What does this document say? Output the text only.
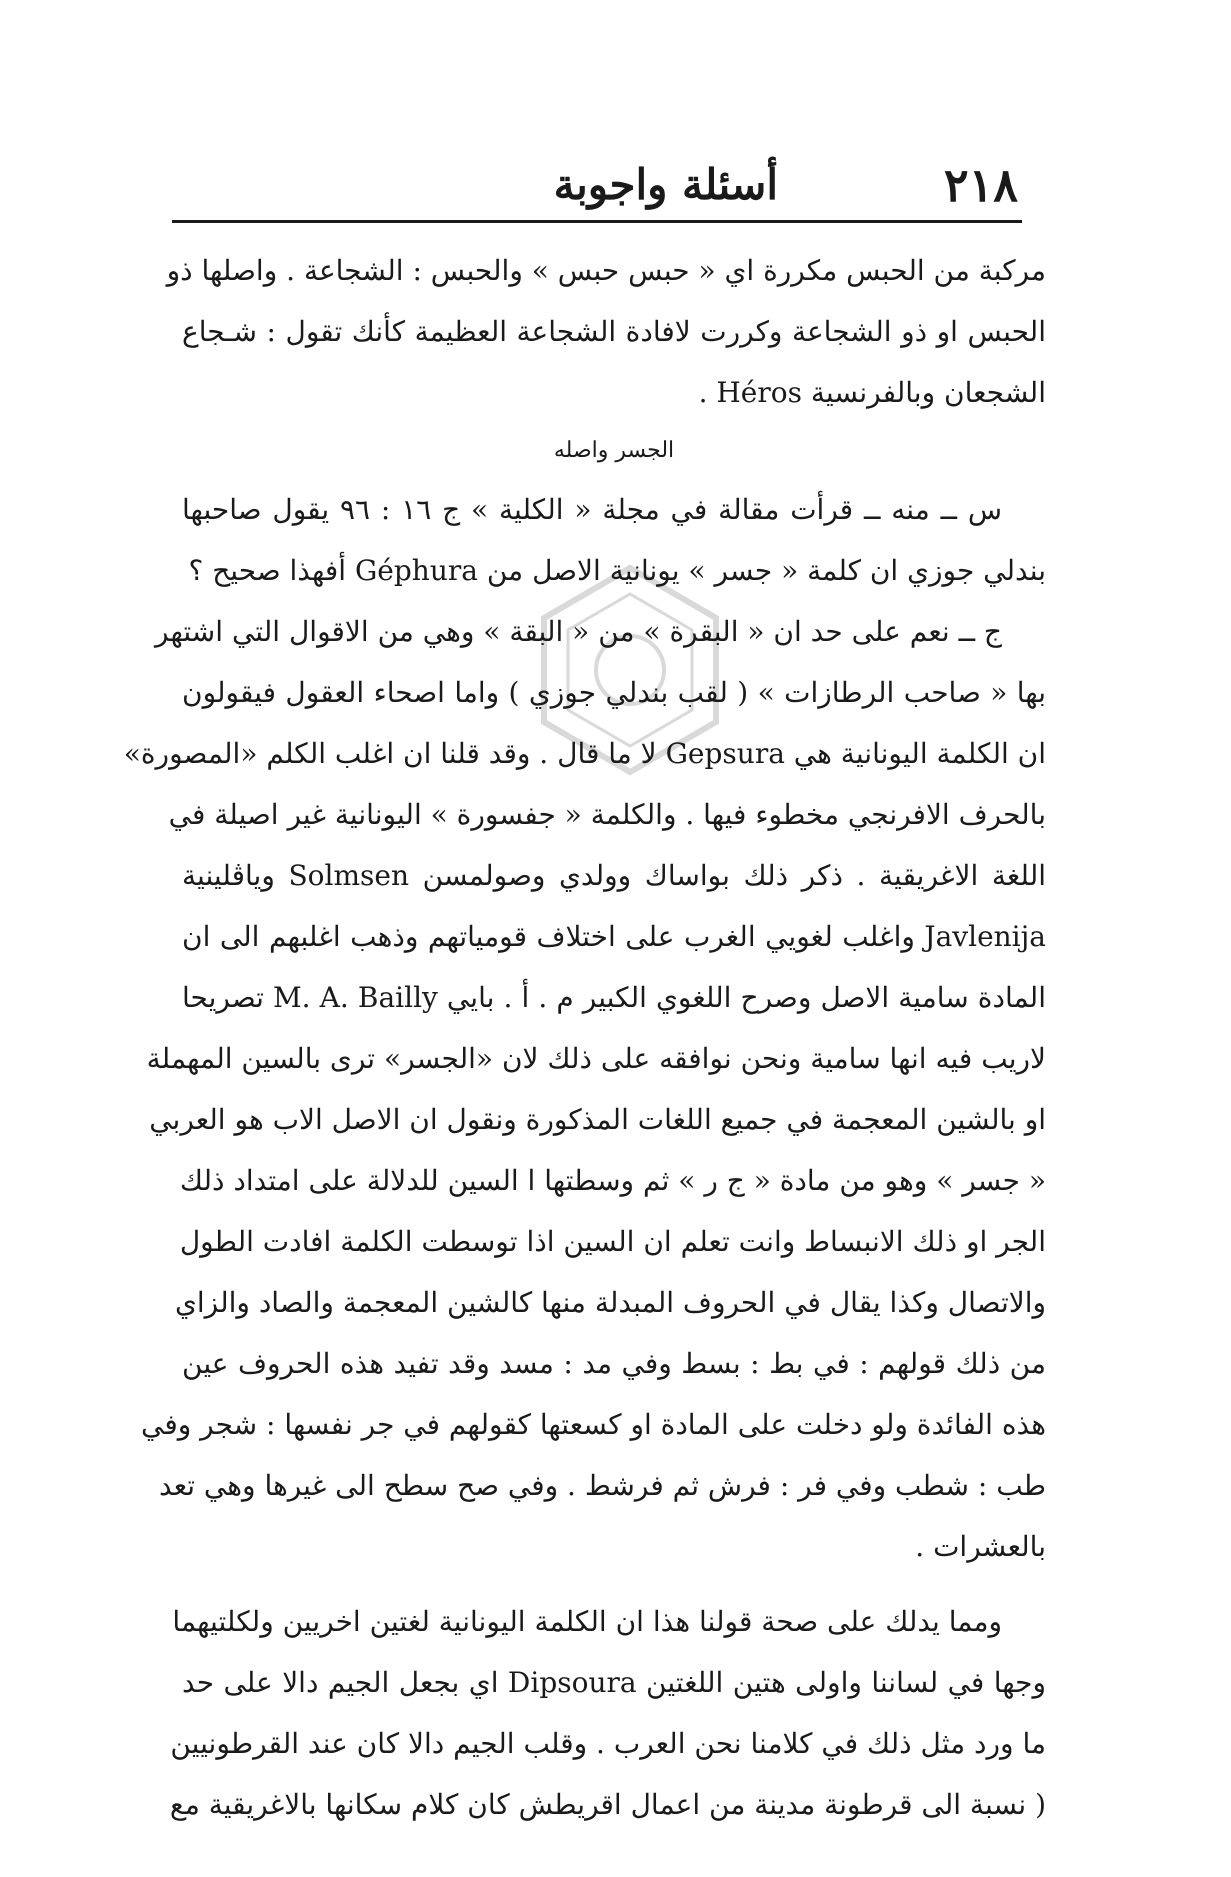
٢١٨
أسئلة واجوبة
مركبة من الحبس مكررة اي « حبس حبس » والحبس : الشجاعة . واصلها ذو
الحبس او ذو الشجاعة وكررت لافادة الشجاعة العظيمة كأنك تقول : شـجاع
الشجعان وبالفرنسية Héros .
الجسر واصله
س ــ منه ــ قرأت مقالة في مجلة « الكلية » ج ١٦ : ٩٦ يقول صاحبها
بندلي جوزي ان كلمة « جسر » يونانية الاصل من Géphura أفهذا صحيح ؟
ج ــ نعم على حد ان « البقرة » من « البقة » وهي من الاقوال التي اشتهر
بها « صاحب الرطازات » ( لقب بندلي جوزي ) واما اصحاء العقول فيقولون
ان الكلمة اليونانية هي Gepsura لا ما قال . وقد قلنا ان اغلب الكلم «المصورة»
بالحرف الافرنجي مخطوء فيها . والكلمة « جفسورة » اليونانية غير اصيلة في
اللغة الاغريقية . ذكر ذلك بواساك وولدي وصولمسن Solmsen وياڤلينية
Javlenija واغلب لغويي الغرب على اختلاف قومياتهم وذهب اغلبهم الى ان
المادة سامية الاصل وصرح اللغوي الكبير م . أ . بايي M. A. Bailly تصريحا
لاريب فيه انها سامية ونحن نوافقه على ذلك لان «الجسر» ترى بالسين المهملة
او بالشين المعجمة في جميع اللغات المذكورة ونقول ان الاصل الاب هو العربي
« جسر » وهو من مادة « ج ر » ثم وسطتها ا السين للدلالة على امتداد ذلك
الجر او ذلك الانبساط وانت تعلم ان السين اذا توسطت الكلمة افادت الطول
والاتصال وكذا يقال في الحروف المبدلة منها كالشين المعجمة والصاد والزاي
من ذلك قولهم : في بط : بسط وفي مد : مسد وقد تفيد هذه الحروف عين
هذه الفائدة ولو دخلت على المادة او كسعتها كقولهم في جر نفسها : شجر وفي
طب : شطب وفي فر : فرش ثم فرشط . وفي صح سطح الى غيرها وهي تعد
بالعشرات .
ومما يدلك على صحة قولنا هذا ان الكلمة اليونانية لغتين اخريين ولكلتيهما
وجها في لساننا واولى هتين اللغتين Dipsoura اي بجعل الجيم دالا على حد
ما ورد مثل ذلك في كلامنا نحن العرب . وقلب الجيم دالا كان عند القرطونيين
( نسبة الى قرطونة مدينة من اعمال اقريطش كان كلام سكانها بالاغريقية مع
